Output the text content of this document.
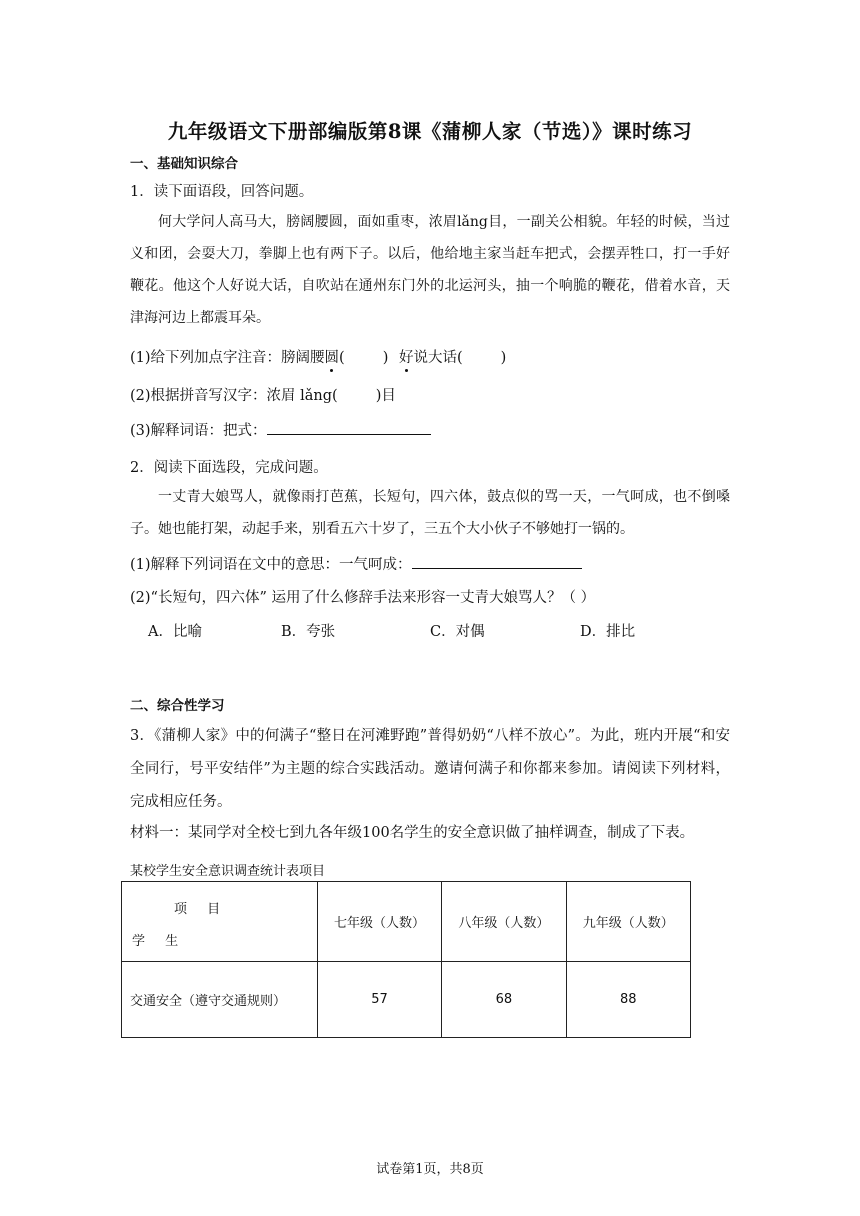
九年级语文下册部编版第8课《蒲柳人家（节选）》课时练习
一、基础知识综合
1．读下面语段，回答问题。
何大学问人高马大，膀阔腰圆，面如重枣，浓眉lǎng目，一副关公相貌。年轻的时候，当过义和团，会耍大刀，拳脚上也有两下子。以后，他给地主家当赶车把式，会摆弄牲口，打一手好鞭花。他这个人好说大话，自吹站在通州东门外的北运河头，抽一个响脆的鞭花，借着水音，天津海河边上都震耳朵。
(1)给下列加点字注音：膀阔腰圆(	) 好说大话(	)
(2)根据拼音写汉字：浓眉 lǎng(	)目
(3)解释词语：把式：
2．阅读下面选段，完成问题。
一丈青大娘骂人，就像雨打芭蕉，长短句，四六体，鼓点似的骂一天，一气呵成，也不倒嗓子。她也能打架，动起手来，别看五六十岁了，三五个大小伙子不够她打一锅的。
(1)解释下列词语在文中的意思：一气呵成：
(2)“长短句，四六体” 运用了什么修辞手法来形容一丈青大娘骂人？（ ）
A．比喻	B．夸张	C．对偶	D．排比
二、综合性学习
3．《蒲柳人家》中的何满子“整日在河滩野跑”普得奶奶“八样不放心”。为此，班内开展“和安全同行，号平安结伴”为主题的综合实践活动。邀请何满子和你都来参加。请阅读下列材料，完成相应任务。
材料一：某同学对全校七到九各年级100名学生的安全意识做了抽样调查，制成了下表。
某校学生安全意识调查统计表项目
项 目
学 生	七年级（人数）	八年级（人数）	九年级（人数）
交通安全（遵守交通规则）	57	68	88
试卷第1页，共8页
